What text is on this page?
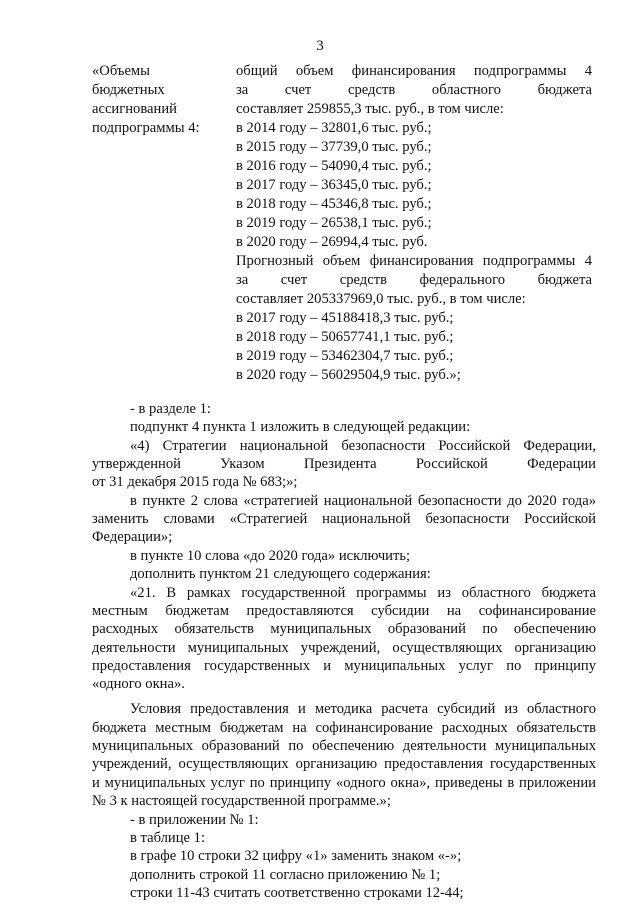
3
«Объемы
бюджетных
ассигнований
подпрограммы 4:
общий объем финансирования подпрограммы 4
за счет средств областного бюджета
составляет 259855,3 тыс. руб., в том числе:
в 2014 году – 32801,6 тыс. руб.;
в 2015 году – 37739,0 тыс. руб.;
в 2016 году – 54090,4 тыс. руб.;
в 2017 году – 36345,0 тыс. руб.;
в 2018 году – 45346,8 тыс. руб.;
в 2019 году – 26538,1 тыс. руб.;
в 2020 году – 26994,4 тыс. руб.
Прогнозный объем финансирования подпрограммы 4
за счет средств федерального бюджета
составляет 205337969,0 тыс. руб., в том числе:
в 2017 году – 45188418,3 тыс. руб.;
в 2018 году – 50657741,1 тыс. руб.;
в 2019 году – 53462304,7 тыс. руб.;
в 2020 году – 56029504,9 тыс. руб.»;
- в разделе 1:
подпункт 4 пункта 1 изложить в следующей редакции:
«4) Стратегии национальной безопасности Российской Федерации,
утвержденной Указом Президента Российской Федерации
от 31 декабря 2015 года № 683;»;
в пункте 2 слова «стратегией национальной безопасности до 2020 года»
заменить словами «Стратегией национальной безопасности Российской
Федерации»;
в пункте 10 слова «до 2020 года» исключить;
дополнить пунктом 21 следующего содержания:
«21. В рамках государственной программы из областного бюджета
местным бюджетам предоставляются субсидии на софинансирование
расходных обязательств муниципальных образований по обеспечению
деятельности муниципальных учреждений, осуществляющих организацию
предоставления государственных и муниципальных услуг по принципу
«одного окна».
Условия предоставления и методика расчета субсидий из областного
бюджета местным бюджетам на софинансирование расходных обязательств
муниципальных образований по обеспечению деятельности муниципальных
учреждений, осуществляющих организацию предоставления государственных
и муниципальных услуг по принципу «одного окна», приведены в приложении
№ 3 к настоящей государственной программе.»;
- в приложении № 1:
в таблице 1:
в графе 10 строки 32 цифру «1» заменить знаком «-»;
дополнить строкой 11 согласно приложению № 1;
строки 11-43 считать соответственно строками 12-44;
